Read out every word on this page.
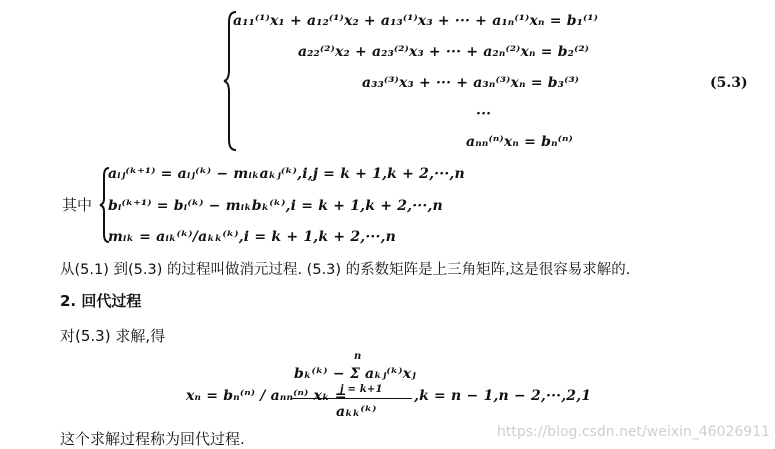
a₁₁⁽¹⁾x₁ + a₁₂⁽¹⁾x₂ + a₁₃⁽¹⁾x₃ + ··· + a₁ₙ⁽¹⁾xₙ = b₁⁽¹⁾
a₂₂⁽²⁾x₂ + a₂₃⁽²⁾x₃ + ··· + a₂ₙ⁽²⁾xₙ = b₂⁽²⁾
a₃₃⁽³⁾x₃ + ··· + a₃ₙ⁽³⁾xₙ = b₃⁽³⁾
···
aₙₙ⁽ⁿ⁾xₙ = bₙ⁽ⁿ⁾
(5.3)
其中
aᵢⱼ⁽ᵏ⁺¹⁾ = aᵢⱼ⁽ᵏ⁾ − mᵢₖaₖⱼ⁽ᵏ⁾,i,j = k + 1,k + 2,···,n
bᵢ⁽ᵏ⁺¹⁾ = bᵢ⁽ᵏ⁾ − mᵢₖbₖ⁽ᵏ⁾,i = k + 1,k + 2,···,n
mᵢₖ = aᵢₖ⁽ᵏ⁾/aₖₖ⁽ᵏ⁾,i = k + 1,k + 2,···,n
从(5.1) 到(5.3) 的过程叫做消元过程. (5.3) 的系数矩阵是上三角矩阵,这是很容易求解的.
2. 回代过程
对(5.3) 求解,得
xₙ = bₙ⁽ⁿ⁾ / aₙₙ⁽ⁿ⁾ xₖ =
n
bₖ⁽ᵏ⁾ − Σ aₖⱼ⁽ᵏ⁾xⱼ
j = k+1
aₖₖ⁽ᵏ⁾
,k = n − 1,n − 2,···,2,1
这个求解过程称为回代过程.	https://blog.csdn.net/weixin_46026911
